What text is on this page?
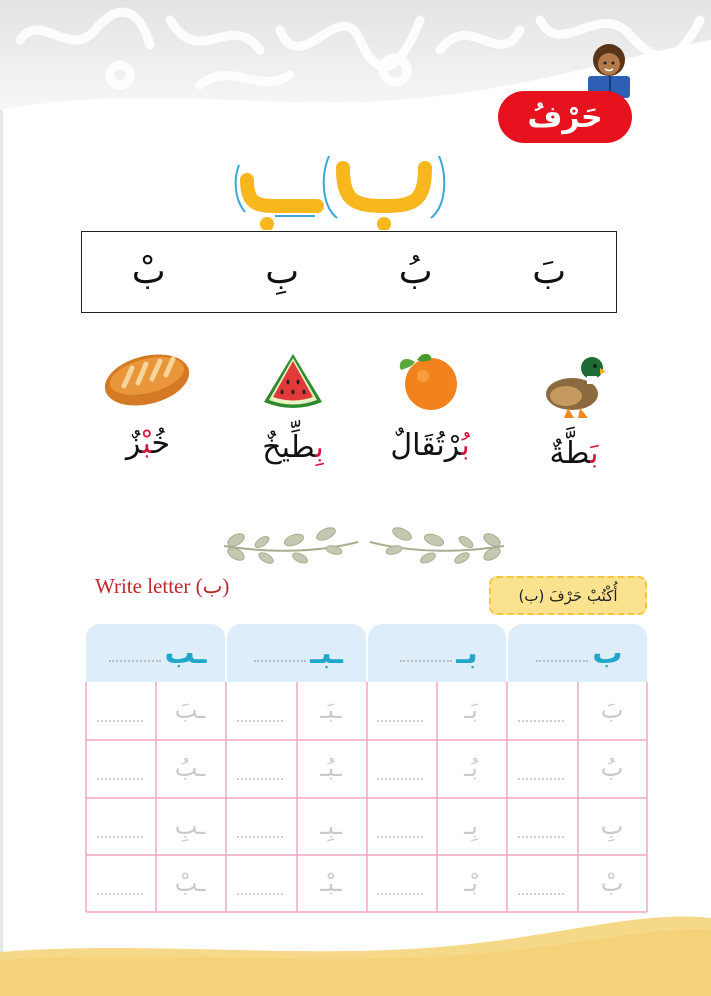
حَرْفُ
بَ
بُ
بِ
بْ
بَطَّةٌ
بُرْتُقَالٌ
بِطِّيخٌ
خُبْزٌ
Write letter (ب)	أُكْتُبْ حَرْفَ (ب)
ب
بـ
ـبـ
ـب
بَ
بَـ
ـبَـ
ـبَ
بُ
بُـ
ـبُـ
ـبُ
بِ
بِـ
ـبِـ
ـبِ
بْ
بْـ
ـبْـ
ـبْ
